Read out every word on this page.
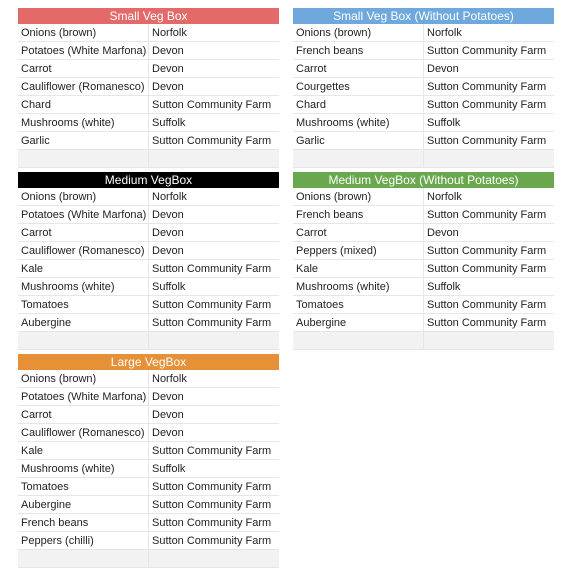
Small Veg Box	
Onions (brown)	Norfolk
Potatoes (White Marfona)	Devon
Carrot	Devon
Cauliflower (Romanesco)	Devon
Chard	Sutton Community Farm
Mushrooms (white)	Suffolk
Garlic	Sutton Community Farm

Small Veg Box (Without Potatoes)	
Onions (brown)	Norfolk
French beans	Sutton Community Farm
Carrot	Devon
Courgettes	Sutton Community Farm
Chard	Sutton Community Farm
Mushrooms (white)	Suffolk
Garlic	Sutton Community Farm

Medium VegBox	
Onions (brown)	Norfolk
Potatoes (White Marfona)	Devon
Carrot	Devon
Cauliflower (Romanesco)	Devon
Kale	Sutton Community Farm
Mushrooms (white)	Suffolk
Tomatoes	Sutton Community Farm
Aubergine	Sutton Community Farm

Medium VegBox (Without Potatoes)	
Onions (brown)	Norfolk
French beans	Sutton Community Farm
Carrot	Devon
Peppers (mixed)	Sutton Community Farm
Kale	Sutton Community Farm
Mushrooms (white)	Suffolk
Tomatoes	Sutton Community Farm
Aubergine	Sutton Community Farm

Large VegBox	
Onions (brown)	Norfolk
Potatoes (White Marfona)	Devon
Carrot	Devon
Cauliflower (Romanesco)	Devon
Kale	Sutton Community Farm
Mushrooms (white)	Suffolk
Tomatoes	Sutton Community Farm
Aubergine	Sutton Community Farm
French beans	Sutton Community Farm
Peppers (chilli)	Sutton Community Farm
